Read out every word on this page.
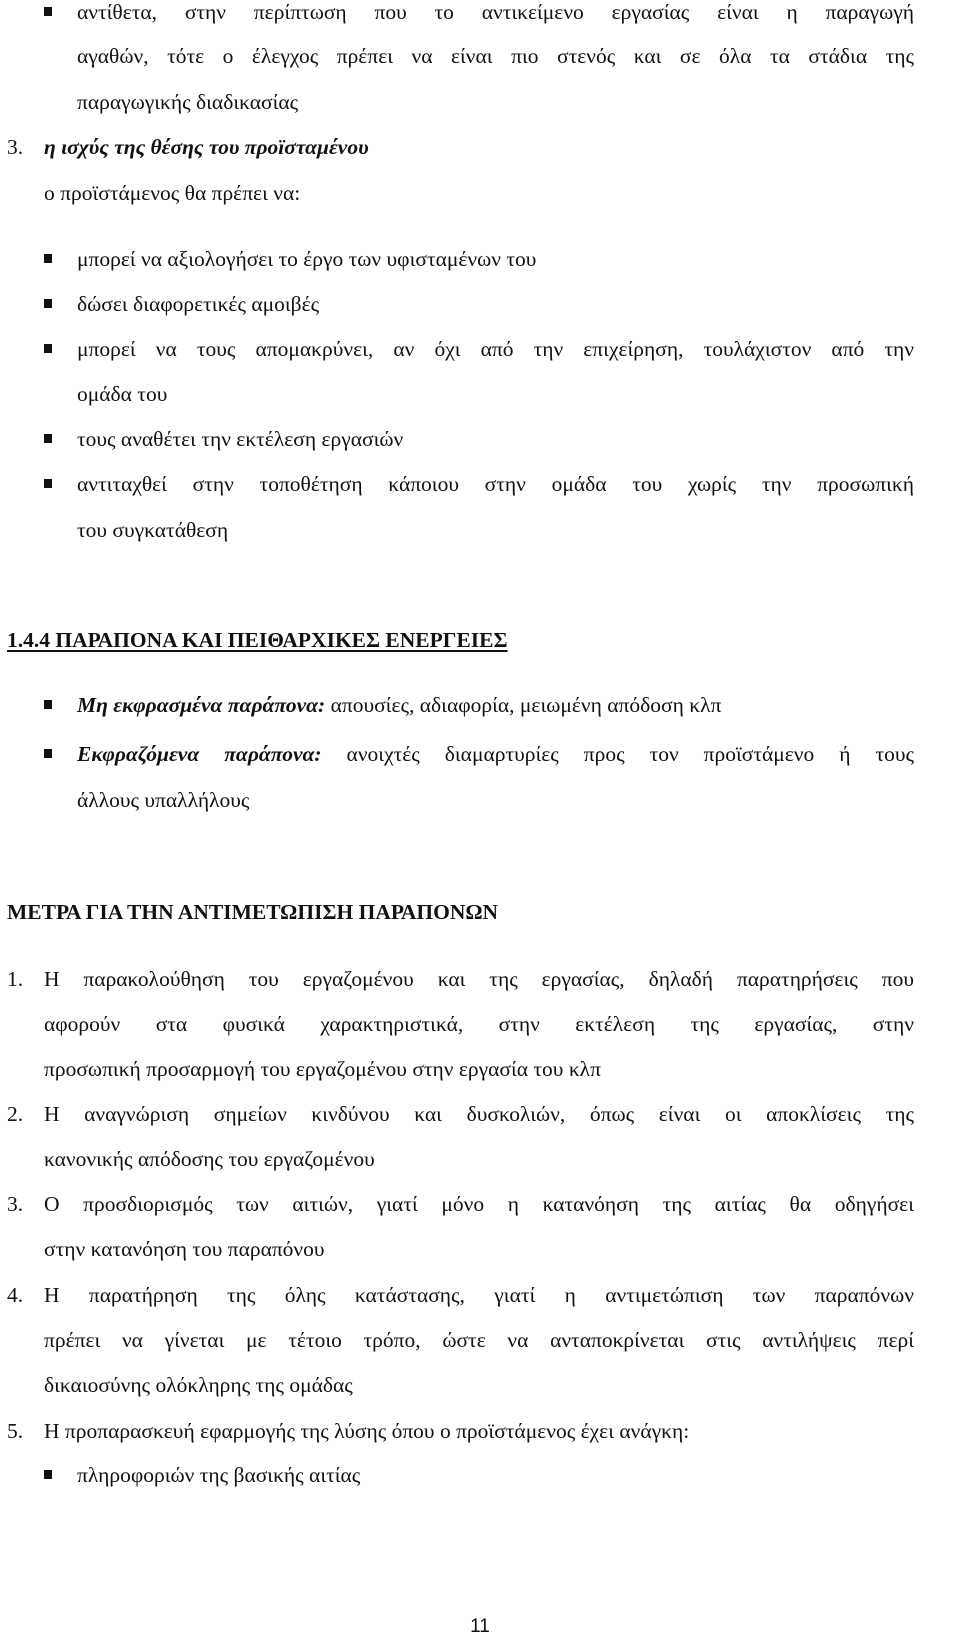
αντίθετα, στην περίπτωση που το αντικείμενο εργασίας είναι η παραγωγή
αγαθών, τότε ο έλεγχος πρέπει να είναι πιο στενός και σε όλα τα στάδια της
παραγωγικής διαδικασίας
3. η ισχύς της θέσης του προϊσταμένου
ο προϊστάμενος θα πρέπει να:
μπορεί να αξιολογήσει το έργο των υφισταμένων του
δώσει διαφορετικές αμοιβές
μπορεί να τους απομακρύνει, αν όχι από την επιχείρηση, τουλάχιστον από την
ομάδα του
τους αναθέτει την εκτέλεση εργασιών
αντιταχθεί στην τοποθέτηση κάποιου στην ομάδα του χωρίς την προσωπική
του συγκατάθεση
1.4.4 ΠΑΡΑΠΟΝΑ ΚΑΙ ΠΕΙΘΑΡΧΙΚΕΣ ΕΝΕΡΓΕΙΕΣ
Μη εκφρασμένα παράπονα: απουσίες, αδιαφορία, μειωμένη απόδοση κλπ
Εκφραζόμενα παράπονα: ανοιχτές διαμαρτυρίες προς τον προϊστάμενο ή τους
άλλους υπαλλήλους
ΜΕΤΡΑ ΓΙΑ ΤΗΝ ΑΝΤΙΜΕΤΩΠΙΣΗ ΠΑΡΑΠΟΝΩΝ
1. Η παρακολούθηση του εργαζομένου και της εργασίας, δηλαδή παρατηρήσεις που
αφορούν στα φυσικά χαρακτηριστικά, στην εκτέλεση της εργασίας, στην
προσωπική προσαρμογή του εργαζομένου στην εργασία του κλπ
2. Η αναγνώριση σημείων κινδύνου και δυσκολιών, όπως είναι οι αποκλίσεις της
κανονικής απόδοσης του εργαζομένου
3. Ο προσδιορισμός των αιτιών, γιατί μόνο η κατανόηση της αιτίας θα οδηγήσει
στην κατανόηση του παραπόνου
4. Η παρατήρηση της όλης κατάστασης, γιατί η αντιμετώπιση των παραπόνων
πρέπει να γίνεται με τέτοιο τρόπο, ώστε να ανταποκρίνεται στις αντιλήψεις περί
δικαιοσύνης ολόκληρης της ομάδας
5. Η προπαρασκευή εφαρμογής της λύσης όπου ο προϊστάμενος έχει ανάγκη:
πληροφοριών της βασικής αιτίας
11
